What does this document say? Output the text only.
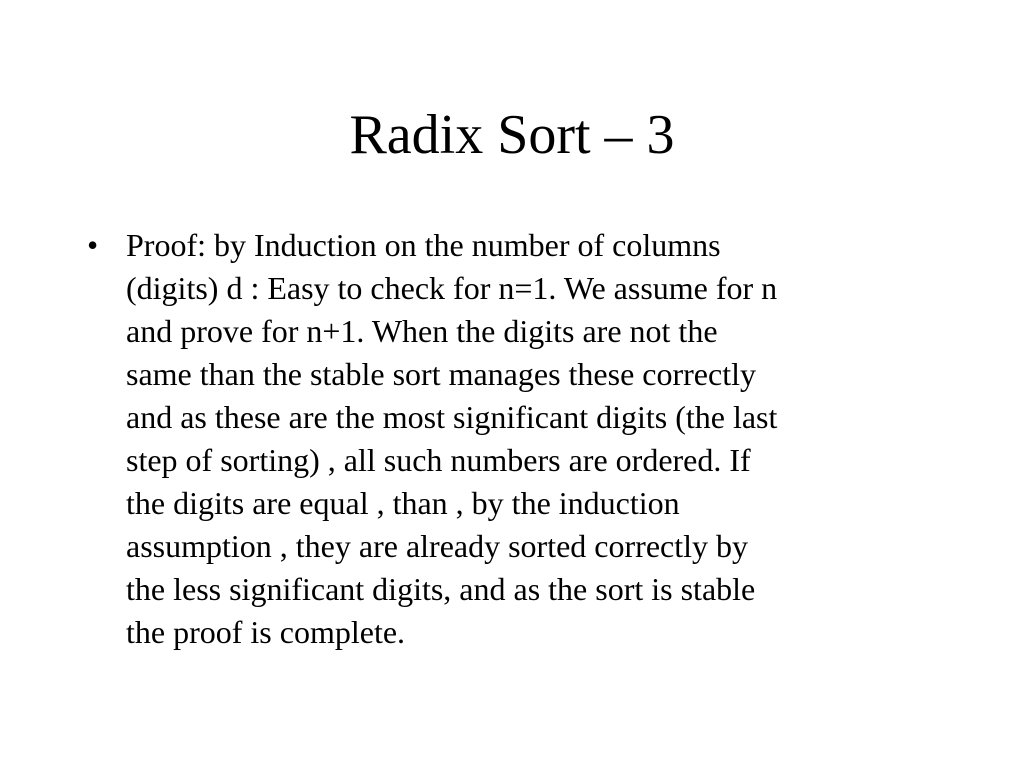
Radix Sort – 3
• Proof: by Induction on the number of columns
(digits) d : Easy to check for n=1. We assume for n
and prove for n+1. When the digits are not the
same than the stable sort manages these correctly
and as these are the most significant digits (the last
step of sorting) , all such numbers are ordered. If
the digits are equal , than , by the induction
assumption , they are already sorted correctly by
the less significant digits, and as the sort is stable
the proof is complete.
